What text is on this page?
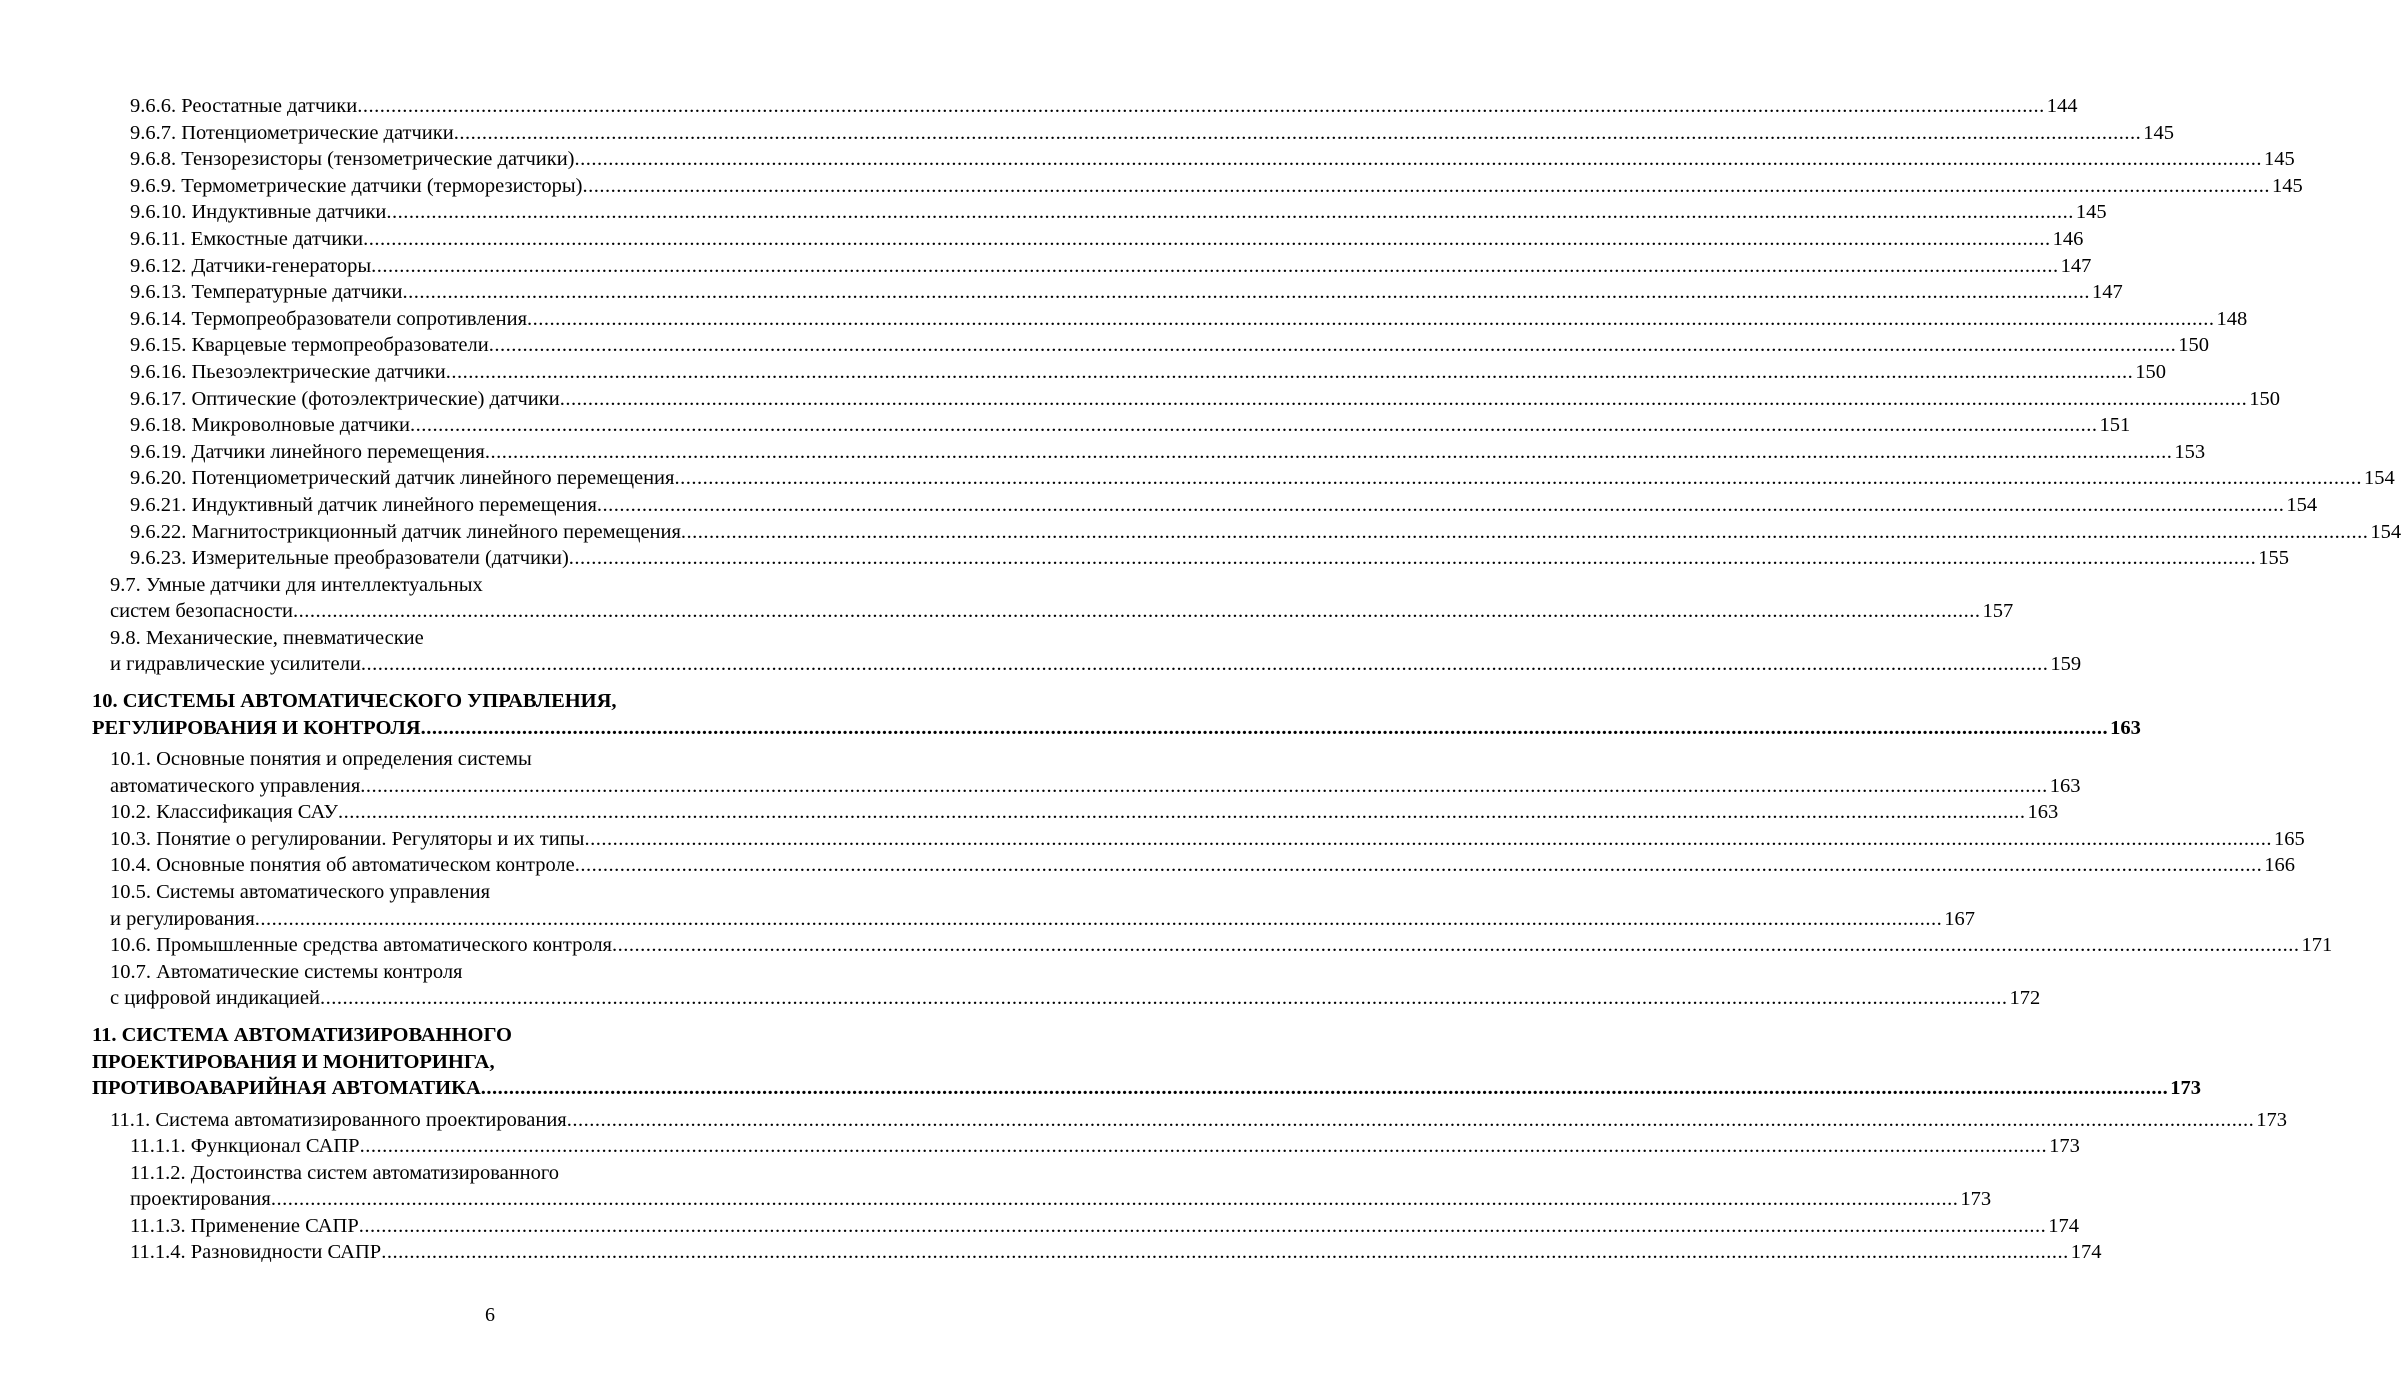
9.6.6. Реостатные датчики ............................................................................................................................................................................................................................................................................................................ 144
9.6.7. Потенциометрические датчики ............................................................................................................................................................................................................................................................................................................ 145
9.6.8. Тензорезисторы (тензометрические датчики) ............................................................................................................................................................................................................................................................................................................ 145
9.6.9. Термометрические датчики (терморезисторы) ............................................................................................................................................................................................................................................................................................................ 145
9.6.10. Индуктивные датчики ............................................................................................................................................................................................................................................................................................................ 145
9.6.11. Емкостные датчики ............................................................................................................................................................................................................................................................................................................ 146
9.6.12. Датчики-генераторы ............................................................................................................................................................................................................................................................................................................ 147
9.6.13. Температурные датчики ............................................................................................................................................................................................................................................................................................................ 147
9.6.14. Термопреобразователи сопротивления ............................................................................................................................................................................................................................................................................................................ 148
9.6.15. Кварцевые термопреобразователи ............................................................................................................................................................................................................................................................................................................ 150
9.6.16. Пьезоэлектрические датчики ............................................................................................................................................................................................................................................................................................................ 150
9.6.17. Оптические (фотоэлектрические) датчики ............................................................................................................................................................................................................................................................................................................ 150
9.6.18. Микроволновые датчики ............................................................................................................................................................................................................................................................................................................ 151
9.6.19. Датчики линейного перемещения ............................................................................................................................................................................................................................................................................................................ 153
9.6.20. Потенциометрический датчик линейного перемещения ............................................................................................................................................................................................................................................................................................................ 154
9.6.21. Индуктивный датчик линейного перемещения ............................................................................................................................................................................................................................................................................................................ 154
9.6.22. Магнитострикционный датчик линейного перемещения ............................................................................................................................................................................................................................................................................................................ 154
9.6.23. Измерительные преобразователи (датчики) ............................................................................................................................................................................................................................................................................................................ 155
9.7. Умные датчики для интеллектуальных
систем безопасности ............................................................................................................................................................................................................................................................................................................ 157
9.8. Механические, пневматические
и гидравлические усилители ............................................................................................................................................................................................................................................................................................................ 159
10. СИСТЕМЫ АВТОМАТИЧЕСКОГО УПРАВЛЕНИЯ,
РЕГУЛИРОВАНИЯ И КОНТРОЛЯ ............................................................................................................................................................................................................................................................................................................ 163
10.1. Основные понятия и определения системы
автоматического управления ............................................................................................................................................................................................................................................................................................................ 163
10.2. Классификация САУ ............................................................................................................................................................................................................................................................................................................ 163
10.3. Понятие о регулировании. Регуляторы и их типы ............................................................................................................................................................................................................................................................................................................ 165
10.4. Основные понятия об автоматическом контроле ............................................................................................................................................................................................................................................................................................................ 166
10.5. Системы автоматического управления
и регулирования ............................................................................................................................................................................................................................................................................................................ 167
10.6. Промышленные средства автоматического контроля ............................................................................................................................................................................................................................................................................................................ 171
10.7. Автоматические системы контроля
с цифровой индикацией ............................................................................................................................................................................................................................................................................................................ 172
11. СИСТЕМА АВТОМАТИЗИРОВАННОГО
ПРОЕКТИРОВАНИЯ И МОНИТОРИНГА,
ПРОТИВОАВАРИЙНАЯ АВТОМАТИКА ............................................................................................................................................................................................................................................................................................................ 173
11.1. Система автоматизированного проектирования ............................................................................................................................................................................................................................................................................................................ 173
11.1.1. Функционал САПР ............................................................................................................................................................................................................................................................................................................ 173
11.1.2. Достоинства систем автоматизированного
проектирования ............................................................................................................................................................................................................................................................................................................ 173
11.1.3. Применение САПР ............................................................................................................................................................................................................................................................................................................ 174
11.1.4. Разновидности САПР ............................................................................................................................................................................................................................................................................................................ 174
6
